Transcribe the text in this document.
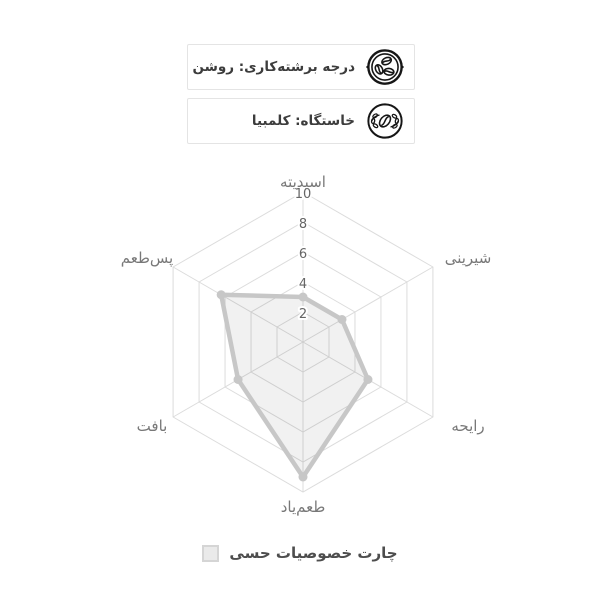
درجه برشته‌کاری: روشن
خاستگاه: کلمبیا
2
4
6
8
10
اسیدیته
شیرینی
رایحه
طعم‌یاد
بافت
پس‌طعم
چارت خصوصیات حسی
